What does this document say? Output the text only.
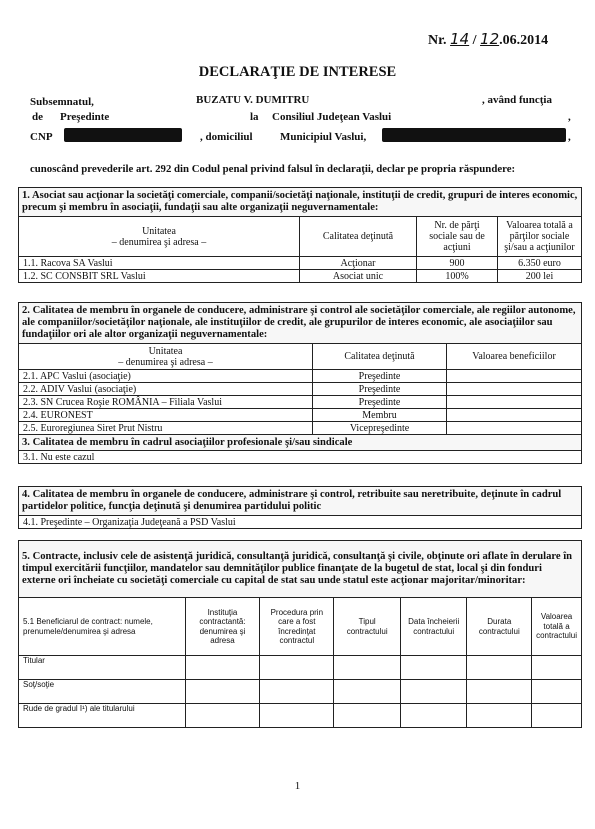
Nr. 14 / 12.06.2014
DECLARAŢIE DE INTERESE
Subsemnatul,	BUZATU V. DUMITRU	, având funcţia
de Preşedinte	la Consiliul Judeţean Vaslui	,
CNP	, domiciliul Municipiul Vaslui,	,
cunoscând prevederile art. 292 din Codul penal privind falsul în declaraţii, declar pe propria răspundere:
1. Asociat sau acţionar la societăţi comerciale, companii/societăţi naţionale, instituţii de credit, grupuri de interes economic, precum şi membru în asociaţii, fundaţii sau alte organizaţii neguvernamentale:			
Unitatea
– denumirea şi adresa –	Calitatea deţinută	Nr. de părţi sociale sau de acţiuni	Valoarea totală a părţilor sociale şi/sau a acţiunilor
1.1. Racova SA Vaslui	Acţionar	900	6.350 euro
1.2. SC CONSBIT SRL Vaslui	Asociat unic	100%	200 lei
2. Calitatea de membru în organele de conducere, administrare şi control ale societăţilor comerciale, ale regiilor autonome, ale companiilor/societăţilor naţionale, ale instituţiilor de credit, ale grupurilor de interes economic, ale asociaţiilor sau fundaţiilor ori ale altor organizaţii neguvernamentale:		
Unitatea
– denumirea şi adresa –	Calitatea deţinută	Valoarea beneficiilor
2.1. APC Vaslui (asociaţie)	Preşedinte	
2.2. ADIV Vaslui (asociaţie)	Preşedinte	
2.3. SN Crucea Roşie ROMÂNIA – Filiala Vaslui	Preşedinte	
2.4. EURONEST	Membru	
2.5. Euroregiunea Siret Prut Nistru	Vicepreşedinte	
3. Calitatea de membru în cadrul asociaţiilor profesionale şi/sau sindicale		
3.1. Nu este cazul		
4. Calitatea de membru în organele de conducere, administrare şi control, retribuite sau neretribuite, deţinute în cadrul partidelor politice, funcţia deţinută şi denumirea partidului politic
4.1. Preşedinte – Organizaţia Judeţeană a PSD Vaslui
5. Contracte, inclusiv cele de asistenţă juridică, consultanţă juridică, consultanţă şi civile, obţinute ori aflate în derulare în timpul exercitării funcţiilor, mandatelor sau demnităţilor publice finanţate de la bugetul de stat, local şi din fonduri externe ori încheiate cu societăţi comerciale cu capital de stat sau unde statul este acţionar majoritar/minoritar:						
5.1 Beneficiarul de contract: numele, prenumele/denumirea şi adresa	Instituţia contractantă: denumirea şi adresa	Procedura prin care a fost încredinţat contractul	Tipul contractului	Data încheierii contractului	Durata contractului	Valoarea totală a contractului
Titular						
Soţ/soţie						
Rude de gradul I¹) ale titularului						
1
